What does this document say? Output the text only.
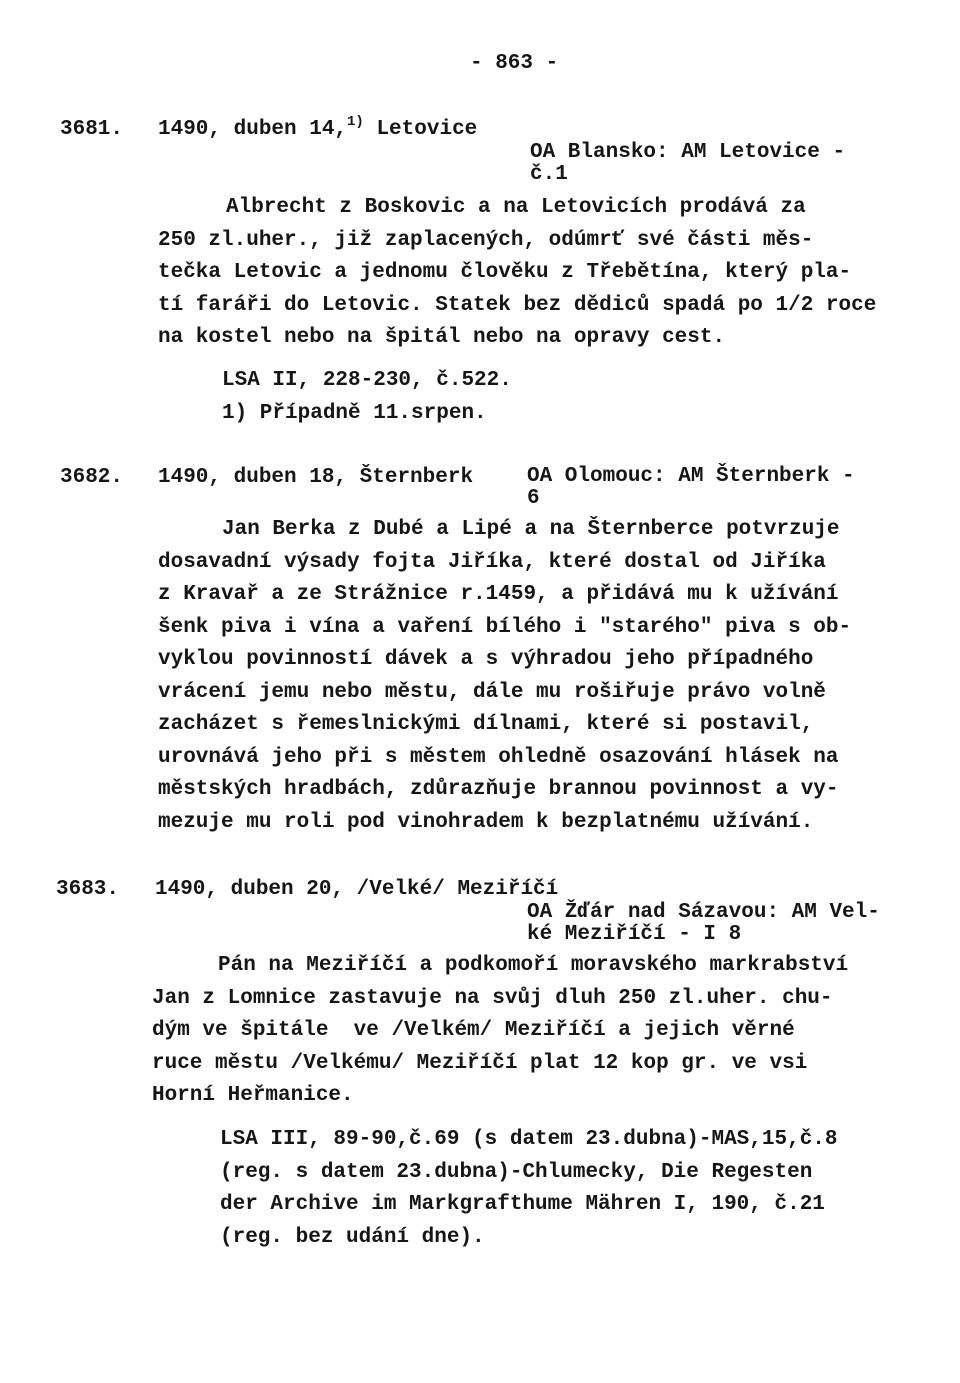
- 863 -
3681. 1490, duben 14,$^{1)}$ Letovice
OA Blansko: AM Letovice -
č.1
Albrecht z Boskovic a na Letovicích prodává za
250 zl.uher., již zaplacených, odúmrť své části měs-
tečka Letovic a jednomu člověku z Třebětína, který pla-
tí faráři do Letovic. Statek bez dědiců spadá po 1/2 roce
na kostel nebo na špitál nebo na opravy cest.
LSA II, 228-230, č.522.
1) Případně 11.srpen.
3682. 1490, duben 18, Šternberk	OA Olomouc: AM Šternberk -
6
Jan Berka z Dubé a Lipé a na Šternberce potvrzuje
dosavadní výsady fojta Jiříka, které dostal od Jiříka
z Kravař a ze Strážnice r.1459, a přidává mu k užívání
šenk piva i vína a vaření bílého i "starého" piva s ob-
vyklou povinností dávek a s výhradou jeho případného
vrácení jemu nebo městu, dále mu rošiřuje právo volně
zacházet s řemeslnickými dílnami, které si postavil,
urovnává jeho při s městem ohledně osazování hlásek na
městských hradbách, zdůrazňuje brannou povinnost a vy-
mezuje mu roli pod vinohradem k bezplatnému užívání.
3683. 1490, duben 20, /Velké/ Meziříčí
OA Žďár nad Sázavou: AM Vel-
ké Meziříčí - I 8
Pán na Meziříčí a podkomoří moravského markrabství
Jan z Lomnice zastavuje na svůj dluh 250 zl.uher. chu-
dým ve špitále  ve /Velkém/ Meziříčí a jejich věrné
ruce městu /Velkému/ Meziříčí plat 12 kop gr. ve vsi
Horní Heřmanice.
LSA III, 89-90,č.69 (s datem 23.dubna)-MAS,15,č.8
(reg. s datem 23.dubna)-Chlumecky, Die Regesten
der Archive im Markgrafthume Mähren I, 190, č.21
(reg. bez udání dne).
